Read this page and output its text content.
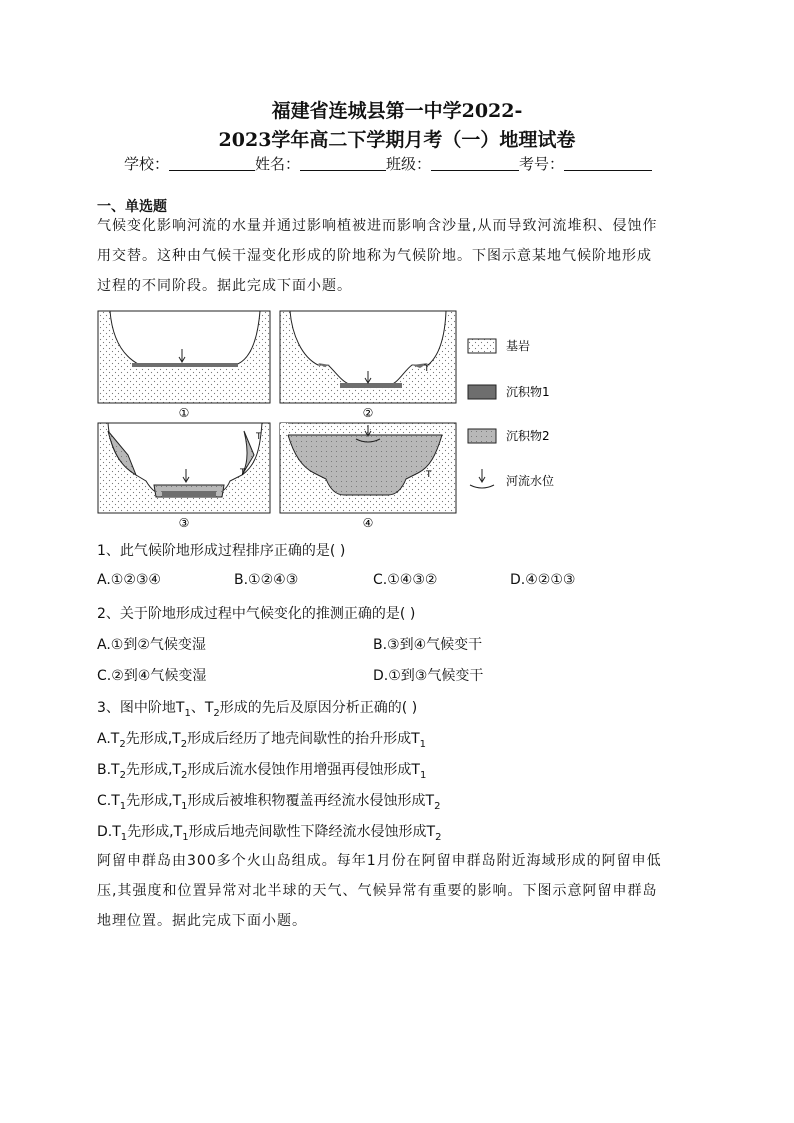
福建省连城县第一中学2022-
2023学年高二下学期月考（一）地理试卷
学校：	姓名：	班级：	考号：
一、单选题
气候变化影响河流的水量并通过影响植被进而影响含沙量,从而导致河流堆积、侵蚀作
用交替。这种由气候干湿变化形成的阶地称为气候阶地。下图示意某地气候阶地形成
过程的不同阶段。据此完成下面小题。
①
T
②
T
T
③
T
④
基岩
沉积物1
沉积物2
河流水位
1、此气候阶地形成过程排序正确的是( )
A.①②③④	B.①②④③	C.①④③②	D.④②①③
2、关于阶地形成过程中气候变化的推测正确的是( )
A.①到②气候变湿	B.③到④气候变干
C.②到④气候变湿	D.①到③气候变干
3、图中阶地$T_1$、$T_2$形成的先后及原因分析正确的( )
$A.T_2$先形成$,T_2$形成后经历了地壳间歇性的抬升形成$T_1$
$B.T_2$先形成$,T_2$形成后流水侵蚀作用增强再侵蚀形成$T_1$
$C.T_1$先形成$,T_1$形成后被堆积物覆盖再经流水侵蚀形成$T_2$
$D.T_1$先形成$,T_1$形成后地壳间歇性下降经流水侵蚀形成$T_2$
阿留申群岛由300多个火山岛组成。每年1月份在阿留申群岛附近海域形成的阿留申低
压,其强度和位置异常对北半球的天气、气候异常有重要的影响。下图示意阿留申群岛
地理位置。据此完成下面小题。
